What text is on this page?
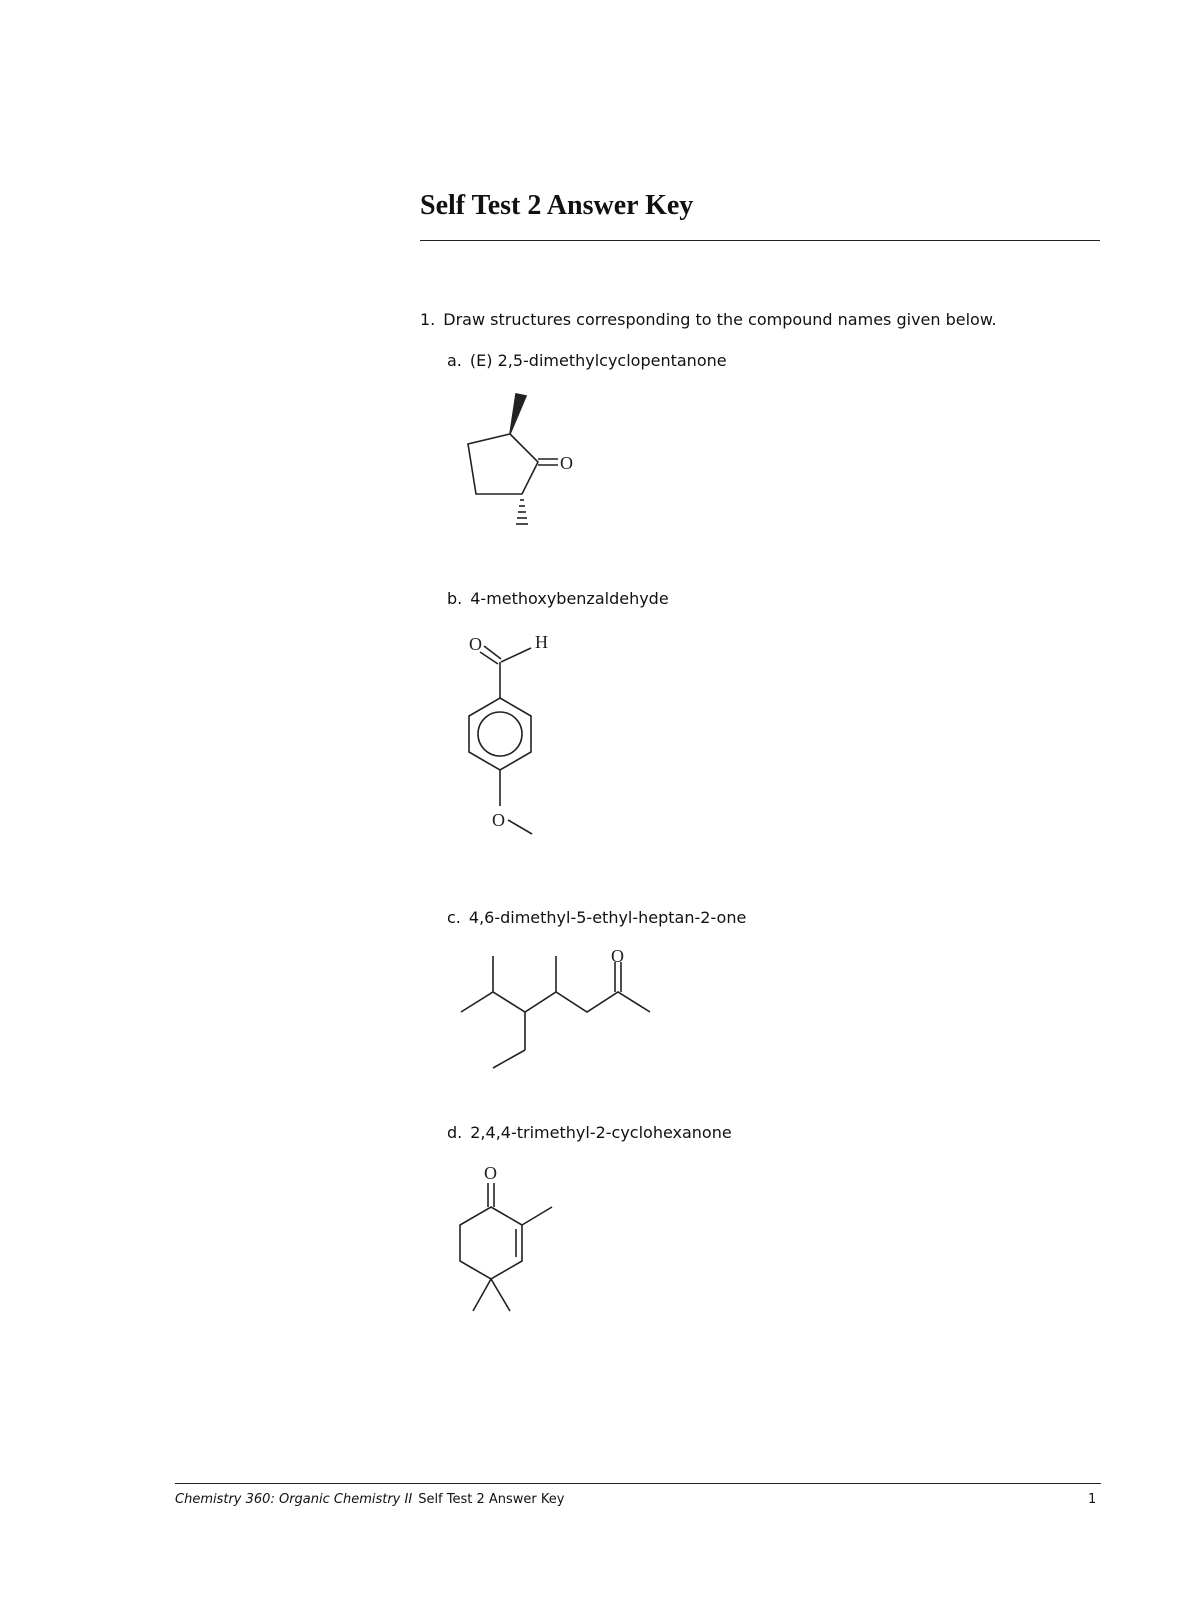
Self Test 2 Answer Key
1. Draw structures corresponding to the compound names given below.
a. (E) 2,5-dimethylcyclopentanone
O
b. 4-methoxybenzaldehyde
O	H
O
c. 4,6-dimethyl-5-ethyl-heptan-2-one
O
d. 2,4,4-trimethyl-2-cyclohexanone
O
Chemistry 360: Organic Chemistry II Self Test 2 Answer Key	1
